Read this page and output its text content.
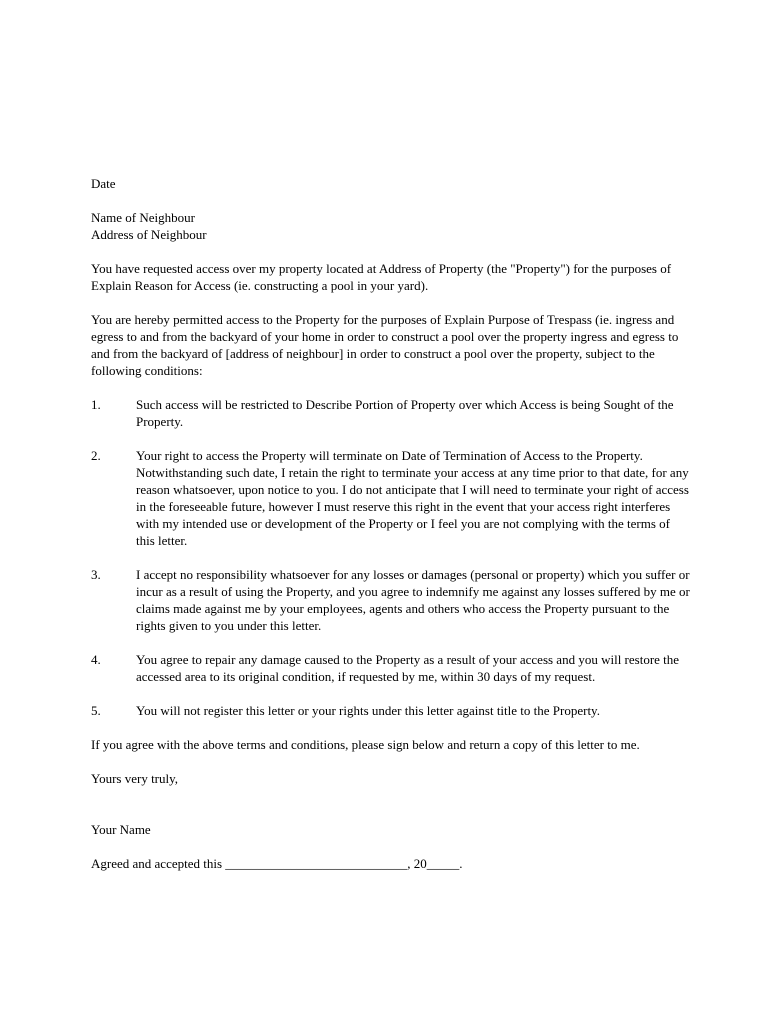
Date

Name of Neighbour
Address of Neighbour

You have requested access over my property located at Address of Property (the "Property") for the purposes of Explain Reason for Access (ie. constructing a pool in your yard).

You are hereby permitted access to the Property for the purposes of Explain Purpose of Trespass (ie. ingress and egress to and from the backyard of your home in order to construct a pool over the property ingress and egress to and from the backyard of [address of neighbour] in order to construct a pool over the property, subject to the following conditions:

1.	Such access will be restricted to Describe Portion of Property over which Access is being Sought of the Property.
2.	Your right to access the Property will terminate on Date of Termination of Access to the Property. Notwithstanding such date, I retain the right to terminate your access at any time prior to that date, for any reason whatsoever, upon notice to you. I do not anticipate that I will need to terminate your right of access in the foreseeable future, however I must reserve this right in the event that your access right interferes with my intended use or development of the Property or I feel you are not complying with the terms of this letter.
3.	I accept no responsibility whatsoever for any losses or damages (personal or property) which you suffer or incur as a result of using the Property, and you agree to indemnify me against any losses suffered by me or claims made against me by your employees, agents and others who access the Property pursuant to the rights given to you under this letter.
4.	You agree to repair any damage caused to the Property as a result of your access and you will restore the accessed area to its original condition, if requested by me, within 30 days of my request.
5.	You will not register this letter or your rights under this letter against title to the Property.

If you agree with the above terms and conditions, please sign below and return a copy of this letter to me.

Yours very truly,

Your Name

Agreed and accepted this ____________________________, 20_____.
